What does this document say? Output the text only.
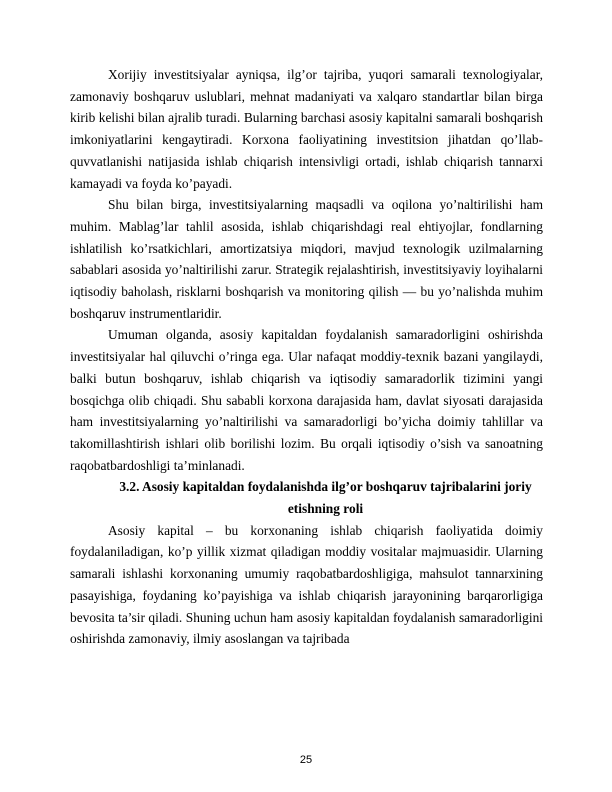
Xorijiy investitsiyalar ayniqsa, ilg’or tajriba, yuqori samarali texnologiyalar, zamonaviy boshqaruv uslublari, mehnat madaniyati va xalqaro standartlar bilan birga kirib kelishi bilan ajralib turadi. Bularning barchasi asosiy kapitalni samarali boshqarish imkoniyatlarini kengaytiradi. Korxona faoliyatining investitsion jihatdan qo’llab-quvvatlanishi natijasida ishlab chiqarish intensivligi ortadi, ishlab chiqarish tannarxi kamayadi va foyda ko’payadi.

Shu bilan birga, investitsiyalarning maqsadli va oqilona yo’naltirilishi ham muhim. Mablag’lar tahlil asosida, ishlab chiqarishdagi real ehtiyojlar, fondlarning ishlatilish ko’rsatkichlari, amortizatsiya miqdori, mavjud texnologik uzilmalarning sabablari asosida yo’naltirilishi zarur. Strategik rejalashtirish, investitsiyaviy loyihalarni iqtisodiy baholash, risklarni boshqarish va monitoring qilish — bu yo’nalishda muhim boshqaruv instrumentlaridir.

Umuman olganda, asosiy kapitaldan foydalanish samaradorligini oshirishda investitsiyalar hal qiluvchi o’ringa ega. Ular nafaqat moddiy-texnik bazani yangilaydi, balki butun boshqaruv, ishlab chiqarish va iqtisodiy samaradorlik tizimini yangi bosqichga olib chiqadi. Shu sababli korxona darajasida ham, davlat siyosati darajasida ham investitsiyalarning yo’naltirilishi va samaradorligi bo’yicha doimiy tahlillar va takomillashtirish ishlari olib borilishi lozim. Bu orqali iqtisodiy o’sish va sanoatning raqobatbardoshligi ta’minlanadi.

3.2. Asosiy kapitaldan foydalanishda ilg’or boshqaruv tajribalarini joriy etishning roli

Asosiy kapital – bu korxonaning ishlab chiqarish faoliyatida doimiy foydalaniladigan, ko’p yillik xizmat qiladigan moddiy vositalar majmuasidir. Ularning samarali ishlashi korxonaning umumiy raqobatbardoshligiga, mahsulot tannarxining pasayishiga, foydaning ko’payishiga va ishlab chiqarish jarayonining barqarorligiga bevosita ta’sir qiladi. Shuning uchun ham asosiy kapitaldan foydalanish samaradorligini oshirishda zamonaviy, ilmiy asoslangan va tajribada

25
